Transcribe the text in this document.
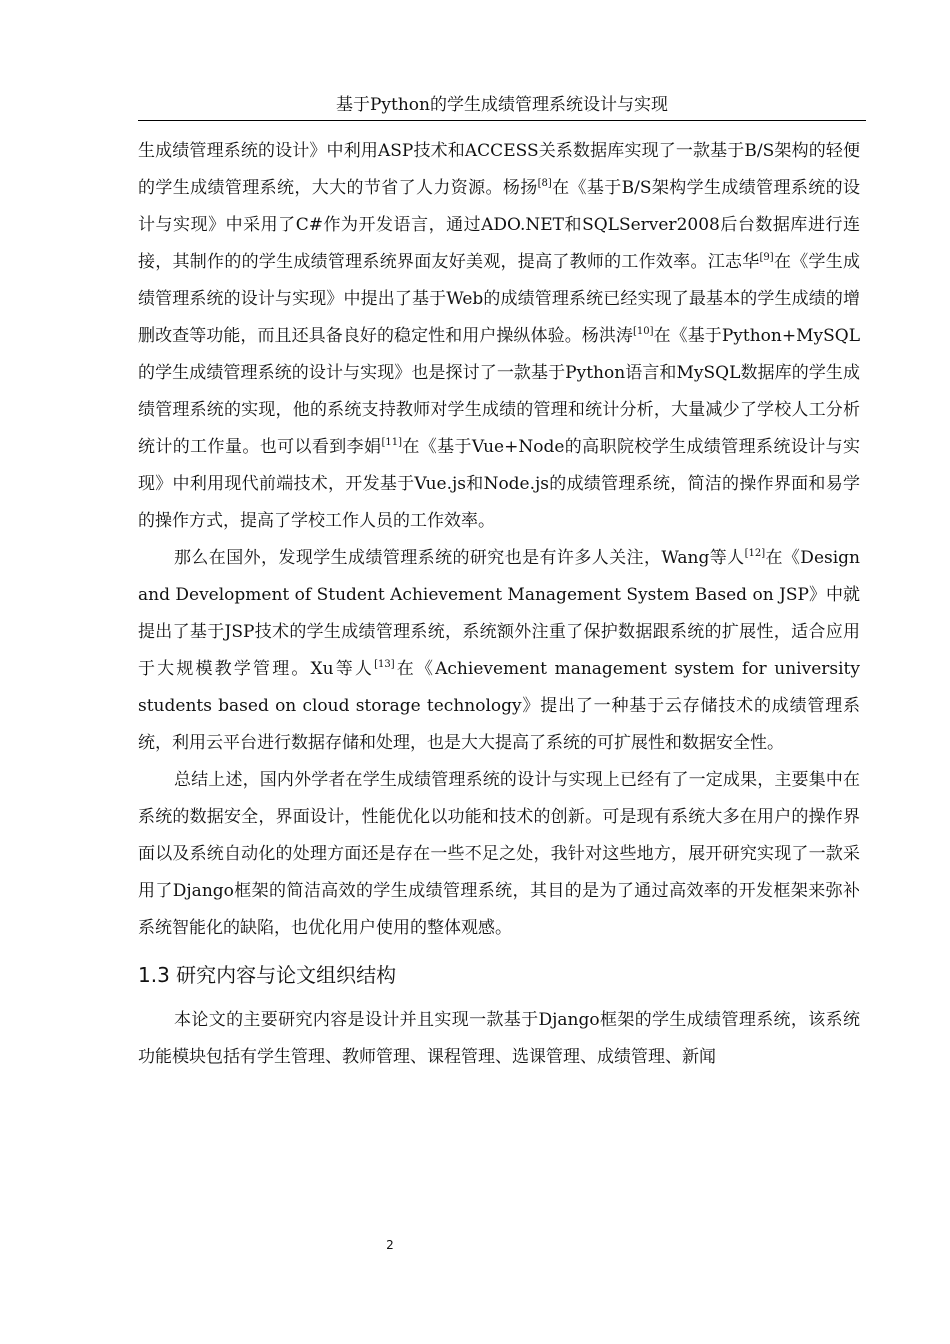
基于Python的学生成绩管理系统设计与实现

生成绩管理系统的设计》中利用ASP技术和ACCESS关系数据库实现了一款基于B/S架构的轻便的学生成绩管理系统，大大的节省了人力资源。杨扬[8]在《基于B/S架构学生成绩管理系统的设计与实现》中采用了C#作为开发语言，通过ADO.NET和SQLServer2008后台数据库进行连接，其制作的的学生成绩管理系统界面友好美观，提高了教师的工作效率。江志华[9]在《学生成绩管理系统的设计与实现》中提出了基于Web的成绩管理系统已经实现了最基本的学生成绩的增删改查等功能，而且还具备良好的稳定性和用户操纵体验。杨洪涛[10]在《基于Python+MySQL的学生成绩管理系统的设计与实现》也是探讨了一款基于Python语言和MySQL数据库的学生成绩管理系统的实现，他的系统支持教师对学生成绩的管理和统计分析，大量减少了学校人工分析统计的工作量。也可以看到李娟[11]在《基于Vue+Node的高职院校学生成绩管理系统设计与实现》中利用现代前端技术，开发基于Vue.js和Node.js的成绩管理系统，简洁的操作界面和易学的操作方式，提高了学校工作人员的工作效率。

那么在国外，发现学生成绩管理系统的研究也是有许多人关注，Wang等人[12]在《Design and Development of Student Achievement Management System Based on JSP》中就提出了基于JSP技术的学生成绩管理系统，系统额外注重了保护数据跟系统的扩展性，适合应用于大规模教学管理。Xu等人[13]在《Achievement management system for university students based on cloud storage technology》提出了一种基于云存储技术的成绩管理系统，利用云平台进行数据存储和处理，也是大大提高了系统的可扩展性和数据安全性。

总结上述，国内外学者在学生成绩管理系统的设计与实现上已经有了一定成果，主要集中在系统的数据安全，界面设计，性能优化以功能和技术的创新。可是现有系统大多在用户的操作界面以及系统自动化的处理方面还是存在一些不足之处，我针对这些地方，展开研究实现了一款采用了Django框架的简洁高效的学生成绩管理系统，其目的是为了通过高效率的开发框架来弥补系统智能化的缺陷，也优化用户使用的整体观感。

1.3 研究内容与论文组织结构

本论文的主要研究内容是设计并且实现一款基于Django框架的学生成绩管理系统，该系统功能模块包括有学生管理、教师管理、课程管理、选课管理、成绩管理、新闻

2
